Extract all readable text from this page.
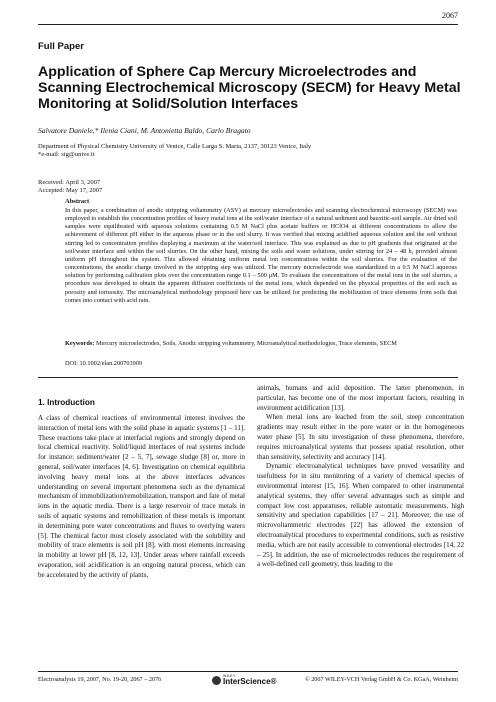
2067
Full Paper
Application of Sphere Cap Mercury Microelectrodes and Scanning Electrochemical Microscopy (SECM) for Heavy Metal Monitoring at Solid/Solution Interfaces
Salvatore Daniele,* Ilenia Ciani, M. Antonietta Baldo, Carlo Bragato
Department of Physical Chemistry University of Venice, Calle Larga S. Marta, 2137, 30123 Venice, Italy
*e-mail: sig@unive.it
Received: April 3, 2007
Accepted: May 17, 2007
Abstract
In this paper, a combination of anodic stripping voltammetry (ASV) at mercury microelectrodes and scanning electrochemical microscopy (SECM) was employed to establish the concentration profiles of heavy metal ions at the soil/water interface of a natural sediment and bauxitic-soil sample. Air dried soil samples were equilibrated with aqueous solutions containing 0.5 M NaCl plus acetate buffers or HClO4 at different concentrations to allow the achievement of different pH either in the aqueous phase or in the soil slurry. It was verified that mixing acidified aqueous solution and the soil without stirring led to concentration profiles displaying a maximum at the water/soil interface. This was explained as due to pH gradients that originated at the soil/water interface and within the soil slurries. On the other hand, mixing the soils and water solutions, under stirring for 24 – 48 h, provided almost uniform pH throughout the system. This allowed obtaining uniform metal ion concentrations within the soil slurries. For the evaluation of the concentrations, the anodic charge involved in the stripping step was utilized. The mercury microelectrode was standardized in a 0.5 M NaCl aqueous solution by performing calibration plots over the concentration range 0.1 – 500 μM. To evaluate the concentrations of the metal ions in the soil slurries, a procedure was developed to obtain the apparent diffusion coefficients of the metal ions, which depended on the physical properties of the soil such as porosity and tortuosity. The microanalytical methodology proposed here can be utilized for predicting the mobilization of trace elements from soils that comes into contact with acid rain.
Keywords: Mercury microelectrodes, Soils, Anodic stripping voltammetry, Microanalytical methodologies, Trace elements, SECM
DOI: 10.1002/elan.200703909
1. Introduction

A class of chemical reactions of environmental interest involves the interaction of metal ions with the solid phase in aquatic systems [1 – 11]. These reactions take place at interfacial regions and strongly depend on local chemical reactivity. Solid/liquid interfaces of real systems include for instance: sediment/water [2 – 5, 7], sewage sludge [8] or, more in general, soil/water interfaces [4, 6]. Investigation on chemical equilibria involving heavy metal ions at the above interfaces advances understanding on several important phenomena such as the dynamical mechanism of immobilization/remobilization, transport and fate of metal ions in the aquatic media. There is a large reservoir of trace metals in soils of aquatic systems and remobilization of these metals is important in determining pore water concentrations and fluxes to overlying waters [5]. The chemical factor most closely associated with the solubility and mobility of trace elements is soil pH [8], with most elements increasing in mobility at lower pH [8, 12, 13]. Under areas where rainfall exceeds evaporation, soil acidification is an ongoing natural process, which can be accelerated by the activity of plants,

animals, humans and acid deposition. The latter phenomenon, in particular, has become one of the most important factors, resulting in environment acidification [13].

When metal ions are leached from the soil, steep concentration gradients may result either in the pore water or in the homogeneous water phase [5]. In situ investigation of these phenomena, therefore, requires microanalytical systems that possess spatial resolution, other than sensitivity, selectivity and accuracy [14].

Dynamic electroanalytical techniques have proved versatility and usefulness for in situ monitoring of a variety of chemical species of environmental interest [15, 16]. When compared to other instrumental analytical systems, they offer several advantages such as simple and compact low cost apparatuses, reliable automatic measurements, high sensitivity and speciation capabilities [17 – 21]. Moreover, the use of microvoltammetric electrodes [22] has allowed the extension of electroanalytical procedures to experimental conditions, such as resistive media, which are not easily accessible to conventional electrodes [14, 22 – 25]. In addition, the use of microelectrodes reduces the requirement of a well-defined cell geometry, thus leading to the

Electroanalysis 19, 2007, No. 19-20, 2067 – 2076	WILEY
InterScience®	© 2007 WILEY-VCH Verlag GmbH & Co. KGaA, Weinheim
